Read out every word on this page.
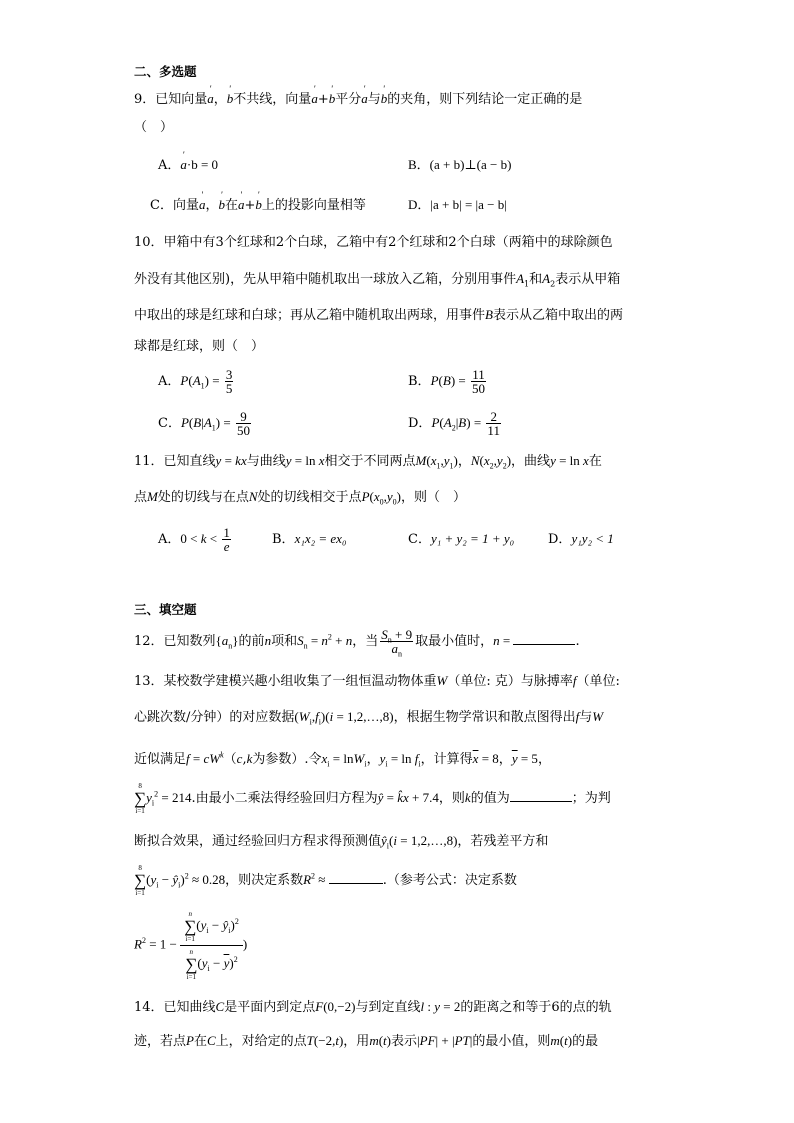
二、多选题
9．已知向量' a，' b不共线，向量' a+' b平分' a与' b的夹角，则下列结论一定正确的是
（　）
A．' a·b = 0	B．(a + b)⊥(a − b)
C．向量' a，' b在' a+' b上的投影向量相等	D．|a + b| = |a − b|
10．甲箱中有3个红球和2个白球，乙箱中有2个红球和2个白球（两箱中的球除颜色
外没有其他区别)，先从甲箱中随机取出一球放入乙箱，分别用事件$A_1$和$A_2$表示从甲箱
中取出的球是红球和白球；再从乙箱中随机取出两球，用事件B表示从乙箱中取出的两
球都是红球，则（　）
A．$P(A_1) = \frac{3}{5}$	B．$P(B) = \frac{11}{50}$
C．$P(B|A_1) = \frac{9}{50}$	D．$P(A_2|B) = \frac{2}{11}$
11．已知直线y = kx与曲线y = ln x相交于不同两点$M(x_1,y_1)$，$N(x_2,y_2)$，曲线y = ln x在
点M处的切线与在点N处的切线相交于点$P(x_0,y_0)$，则（　）
A．$0 < k < \frac{1}{e}$	B．x₁x₂ = ex₀	C．y₁ + y₂ = 1 + y₀	D．y₁y₂ < 1
三、填空题
12．已知数列$\{a_n\}$的前n项和$S_n = n^2 + n$，当 $\frac{S_n + 9}{a_n}$ 取最小值时，n =	.
13．某校数学建模兴趣小组收集了一组恒温动物体重W（单位: 克）与脉搏率f（单位:
心跳次数/分钟）的对应数据$(W_i,f_i)(i$ = 1,2,…,8)，根据生物学常识和散点图得出f与W
近似满足$f = cW^k(c,k$为参数）.令$x_i = \ln W_i$，$y_i = \ln f_i$，计算得$\overline{x} = 8$，$\overline{y} = 5$，
8
∑
$i=1y_i^2 = 214$.由最小二乘法得经验回归方程为ŷ = k̂x + 7.4，则k的值为	；为判
断拟合效果，通过经验回归方程求得预测值$ŷ_i(i$ = 1,2,…,8)，若残差平方和
8
∑
$i=1(y_i$ − $ŷ_i)^2 \approx 0.28$，则决定系数$R^2$ ≈	.（参考公式：决定系数
$R^2 = 1 - n$
∑
$i=1(y_i$ − $ŷ_i)^2$
n
∑
$i=1(y_i - \overline{y})^2$ )
14．已知曲线C是平面内到定点F(0,−2)与到定直线l : y = 2的距离之和等于6的点的轨
迹，若点P在C上，对给定的点T(−2,t)，用m(t)表示|PF| + |PT|的最小值，则m(t)的最
